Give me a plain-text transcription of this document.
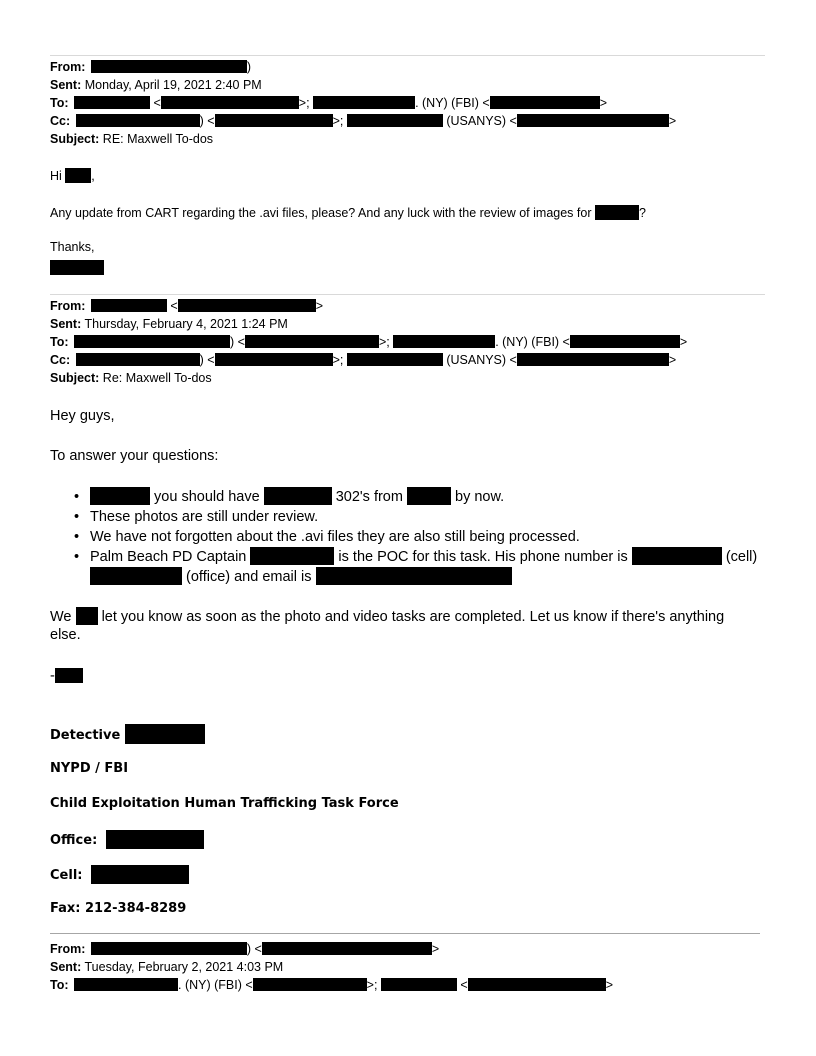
From:	)
Sent: Monday, April 19, 2021 2:40 PM
To:	<	>;	. (NY) (FBI) <	>
Cc:	) <	>;	(USANYS) <	>
Subject: RE: Maxwell To-dos
Hi ,
Any update from CART regarding the .avi files, please? And any luck with the review of images for	?
Thanks,
From:	<	>
Sent: Thursday, February 4, 2021 1:24 PM
To:	) <	>;	. (NY) (FBI) <	>
Cc:	) <	>;	(USANYS) <	>
Subject: Re: Maxwell To-dos
Hey guys,
To answer your questions:
•	you should have	302's from	by now.
• These photos are still under review.
• We have not forgotten about the .avi files they are also still being processed.
• Palm Beach PD Captain	is the POC for this task. His phone number is	(cell)
(office) and email is
We let you know as soon as the photo and video tasks are completed. Let us know if there's anything
else.
-
Detective
NYPD / FBI
Child Exploitation Human Trafficking Task Force
Office:
Cell:
Fax: 212-384-8289
From:	) <	>
Sent: Tuesday, February 2, 2021 4:03 PM
To:	. (NY) (FBI) <	>;	<	>
